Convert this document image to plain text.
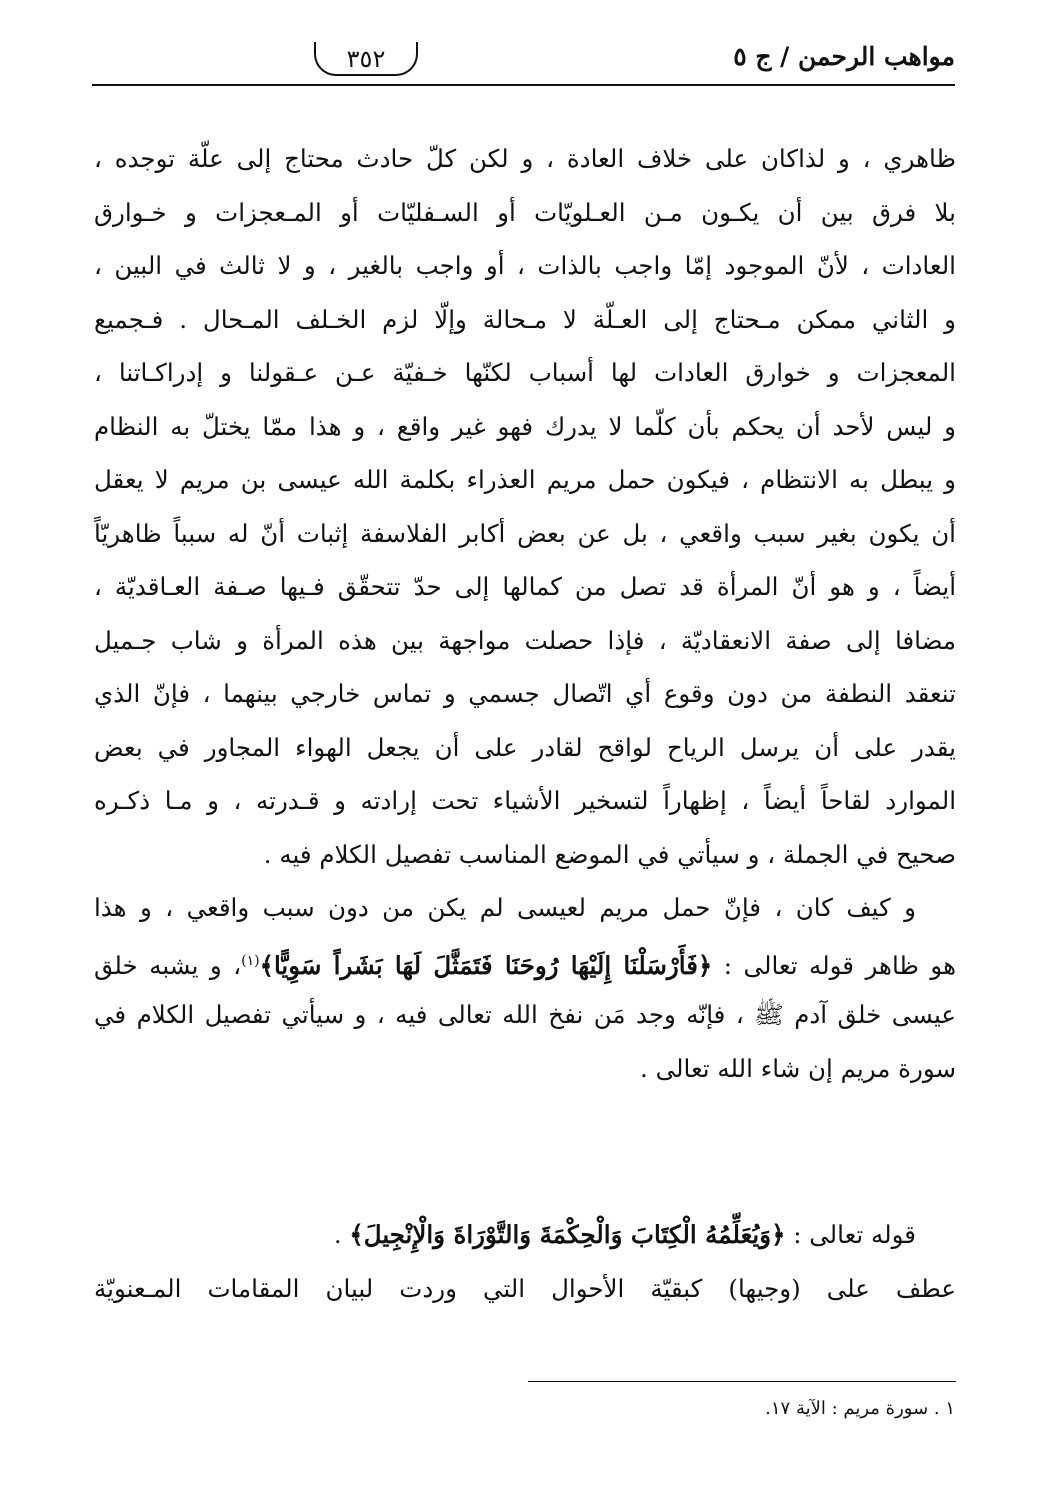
مواهب الرحمن / ج ٥
٣٥٢
ظاهري ، و لذاكان على خلاف العادة ، و لكن كلّ حادث محتاج إلى علّة توجده ،
بلا فرق بين أن يكـون مـن العـلويّات أو السـفليّات أو المـعجزات و خـوارق
العادات ، لأنّ الموجود إمّا واجب بالذات ، أو واجب بالغير ، و لا ثالث في البين ،
و الثاني ممكن مـحتاج إلى العـلّة لا مـحالة وإلّا لزم الخـلف المـحال . فـجميع
المعجزات و خوارق العادات لها أسباب لكنّها خـفيّة عـن عـقولنا و إدراكـاتنا ،
و ليس لأحد أن يحكم بأن كلّما لا يدرك فهو غير واقع ، و هذا ممّا يختلّ به النظام
و يبطل به الانتظام ، فيكون حمل مريم العذراء بكلمة الله عيسى بن مريم لا يعقل
أن يكون بغير سبب واقعي ، بل عن بعض أكابر الفلاسفة إثبات أنّ له سبباً ظاهريّاً
أيضاً ، و هو أنّ المرأة قد تصل من كمالها إلى حدّ تتحقّق فـيها صـفة العـاقديّة ،
مضافا إلى صفة الانعقاديّة ، فإذا حصلت مواجهة بين هذه المرأة و شاب جـميل
تنعقد النطفة من دون وقوع أي اتّصال جسمي و تماس خارجي بينهما ، فإنّ الذي
يقدر على أن يرسل الرياح لواقح لقادر على أن يجعل الهواء المجاور في بعض
الموارد لقاحاً أيضاً ، إظهاراً لتسخير الأشياء تحت إرادته و قـدرته ، و مـا ذكـره
صحيح في الجملة ، و سيأتي في الموضع المناسب تفصيل الكلام فيه .
و كيف كان ، فإنّ حمل مريم لعيسى لم يكن من دون سبب واقعي ، و هذا
هو ظاهر قوله تعالى : ﴿فَأَرْسَلْنَا إِلَيْهَا رُوحَنَا فَتَمَثَّلَ لَهَا بَشَراً سَوِيًّا﴾$^{(١)}$، و يشبه خلق
عيسى خلق آدم ﷺ ، فإنّه وجد مَن نفخ الله تعالى فيه ، و سيأتي تفصيل الكلام في
سورة مريم إن شاء الله تعالى .
قوله تعالى : ﴿وَيُعَلِّمُهُ الْكِتَابَ وَالْحِكْمَةَ وَالتَّوْرَاةَ وَالْإِنْجِيلَ﴾ .
عطف على (وجيها) كبقيّة الأحوال التي وردت لبيان المقامات المـعنويّة
١ . سورة مريم : الآية ١٧.
